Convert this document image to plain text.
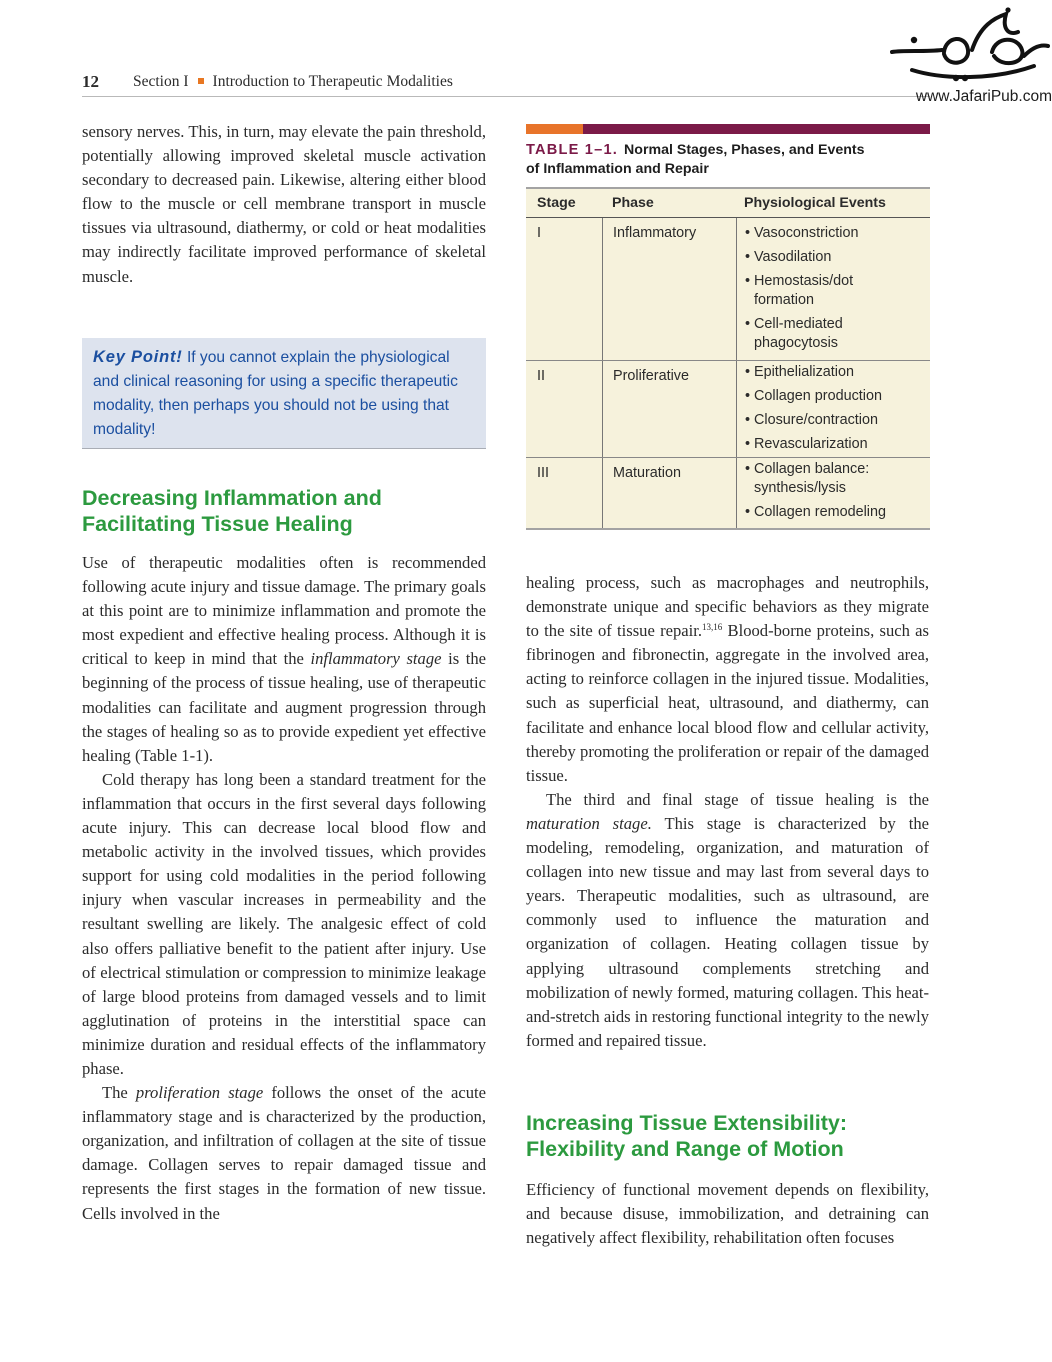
12 Section I Introduction to Therapeutic Modalities
www.JafariPub.com

sensory nerves. This, in turn, may elevate the pain threshold, potentially allowing improved skeletal muscle activation secondary to decreased pain. Likewise, altering either blood flow to the muscle or cell membrane transport in muscle tissues via ultrasound, diathermy, or cold or heat modalities may indirectly facilitate improved performance of skeletal muscle.

Key Point! If you cannot explain the physiological and clinical reasoning for using a specific therapeutic modality, then perhaps you should not be using that modality!
Decreasing Inflammation and
Facilitating Tissue Healing

Use of therapeutic modalities often is recommended following acute injury and tissue damage. The primary goals at this point are to minimize inflammation and promote the most expedient and effective healing process. Although it is critical to keep in mind that the inflammatory stage is the beginning of the process of tissue healing, use of therapeutic modalities can facilitate and augment progression through the stages of healing so as to provide expedient yet effective healing (Table 1-1).

Cold therapy has long been a standard treatment for the inflammation that occurs in the first several days following acute injury. This can decrease local blood flow and metabolic activity in the involved tissues, which provides support for using cold modalities in the period following injury when vascular increases in permeability and the resultant swelling are likely. The analgesic effect of cold also offers palliative benefit to the patient after injury. Use of electrical stimulation or compression to minimize leakage of large blood proteins from damaged vessels and to limit agglutination of proteins in the interstitial space can minimize duration and residual effects of the inflammatory phase.

The proliferation stage follows the onset of the acute inflammatory stage and is characterized by the production, organization, and infiltration of collagen at the site of tissue damage. Collagen serves to repair damaged tissue and represents the first stages in the formation of new tissue. Cells involved in the

TABLE 1–1. Normal Stages, Phases, and Events
of Inflammation and Repair
Stage	Phase	Physiological Events
I	Inflammatory	• Vasoconstriction
• Vasodilation
• Hemostasis/dot formation
• Cell-mediated phagocytosis
II	Proliferative	• Epithelialization
• Collagen production
• Closure/contraction
• Revascularization
III	Maturation	• Collagen balance: synthesis/lysis
• Collagen remodeling

healing process, such as macrophages and neutrophils, demonstrate unique and specific behaviors as they migrate to the site of tissue repair.$^{13,16}$ Blood-borne proteins, such as fibrinogen and fibronectin, aggregate in the involved area, acting to reinforce collagen in the injured tissue. Modalities, such as superficial heat, ultrasound, and diathermy, can facilitate and enhance local blood flow and cellular activity, thereby promoting the proliferation or repair of the damaged tissue.

The third and final stage of tissue healing is the maturation stage. This stage is characterized by the modeling, remodeling, organization, and maturation of collagen into new tissue and may last from several days to years. Therapeutic modalities, such as ultrasound, are commonly used to influence the maturation and organization of collagen. Heating collagen tissue by applying ultrasound complements stretching and mobilization of newly formed, maturing collagen. This heat-and-stretch aids in restoring functional integrity to the newly formed and repaired tissue.

Increasing Tissue Extensibility:
Flexibility and Range of Motion

Efficiency of functional movement depends on flexibility, and because disuse, immobilization, and detraining can negatively affect flexibility, rehabilitation often focuses
